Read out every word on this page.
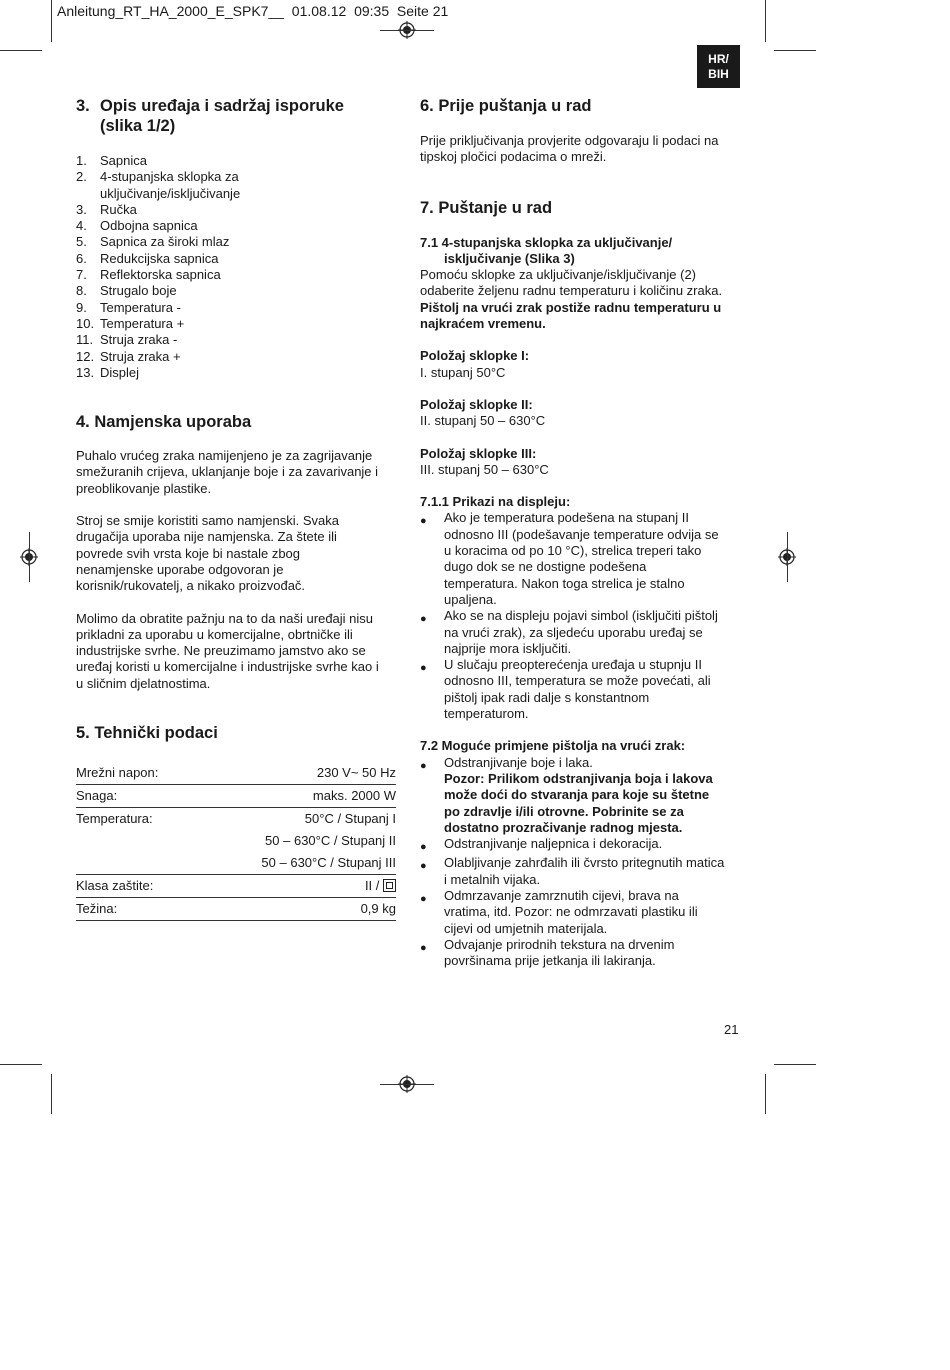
Anleitung_RT_HA_2000_E_SPK7__  01.08.12  09:35  Seite 21
HR/
BIH
3. Opis uređaja i sadržaj isporuke
(slika 1/2)
1.	Sapnica
2.	4-stupanjska sklopka za
uključivanje/isključivanje
3.	Ručka
4.	Odbojna sapnica
5.	Sapnica za široki mlaz
6.	Redukcijska sapnica
7.	Reflektorska sapnica
8.	Strugalo boje
9.	Temperatura -
10. Temperatura +
11. Struja zraka -
12. Struja zraka +
13. Displej
4. Namjenska uporaba

Puhalo vrućeg zraka namijenjeno je za zagrijavanje
smežuranih crijeva, uklanjanje boje i za zavarivanje i
preoblikovanje plastike.

Stroj se smije koristiti samo namjenski. Svaka
drugačija uporaba nije namjenska. Za štete ili
povrede svih vrsta koje bi nastale zbog
nenamjenske uporabe odgovoran je
korisnik/rukovatelj, a nikako proizvođač.

Molimo da obratite pažnju na to da naši uređaji nisu
prikladni za uporabu u komercijalne, obrtničke ili
industrijske svrhe. Ne preuzimamo jamstvo ako se
uređaj koristi u komercijalne i industrijske svrhe kao i
u sličnim djelatnostima.

5. Tehnički podaci
Mrežni napon:	230 V~ 50 Hz
Snaga:	maks. 2000 W
Temperatura:	50°C / Stupanj I
	50 – 630°C / Stupanj II
	50 – 630°C / Stupanj III
Klasa zaštite:	II /
Težina:	0,9 kg
6. Prije puštanja u rad

Prije priključivanja provjerite odgovaraju li podaci na
tipskoj pločici podacima o mreži.

7. Puštanje u rad

7.1 4-stupanjska sklopka za uključivanje/
isključivanje (Slika 3)

Pomoću sklopke za uključivanje/isključivanje (2)
odaberite željenu radnu temperaturu i količinu zraka.

Pištolj na vrući zrak postiže radnu temperaturu u
najkraćem vremenu.

Položaj sklopke I:

I. stupanj 50°C

Položaj sklopke II:

II. stupanj 50 – 630°C

Položaj sklopke III:

III. stupanj 50 – 630°C

7.1.1 Prikazi na displeju:

●	Ako je temperatura podešena na stupanj II
odnosno III (podešavanje temperature odvija se
u koracima od po 10 °C), strelica treperi tako
dugo dok se ne dostigne podešena
temperatura. Nakon toga strelica je stalno
upaljena.
●	Ako se na displeju pojavi simbol (isključiti pištolj
na vrući zrak), za sljedeću uporabu uređaj se
najprije mora isključiti.
●	U slučaju preopterećenja uređaja u stupnju II
odnosno III, temperatura se može povećati, ali
pištolj ipak radi dalje s konstantnom
temperaturom.

7.2 Moguće primjene pištolja na vrući zrak:

●	Odstranjivanje boje i laka.
Pozor: Prilikom odstranjivanja boja i lakova
može doći do stvaranja para koje su štetne
po zdravlje i/ili otrovne. Pobrinite se za
dostatno prozračivanje radnog mjesta.
●	Odstranjivanje naljepnica i dekoracija.
●	Olabljivanje zahrđalih ili čvrsto pritegnutih matica
i metalnih vijaka.
●	Odmrzavanje zamrznutih cijevi, brava na
vratima, itd. Pozor: ne odmrzavati plastiku ili
cijevi od umjetnih materijala.
●	Odvajanje prirodnih tekstura na drvenim
površinama prije jetkanja ili lakiranja.
21
